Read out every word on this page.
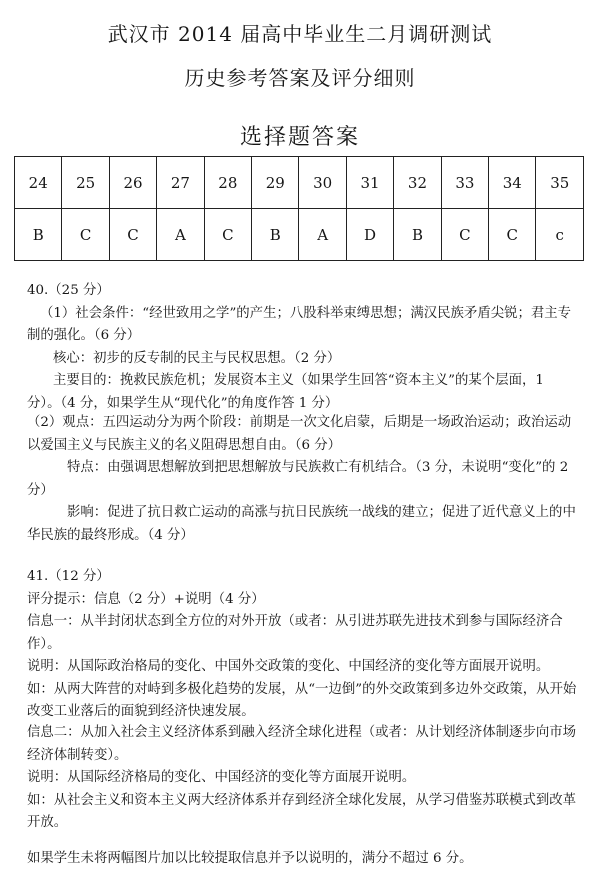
武汉市 2014 届高中毕业生二月调研测试
历史参考答案及评分细则
选择题答案
24	25	26	27	28	29	30	31	32	33	34	35
B	C	C	A	C	B	A	D	B	C	C	c

40.（25 分）

（1）社会条件：“经世致用之学”的产生；八股科举束缚思想；满汉民族矛盾尖锐；君主专制的强化。（6 分）

核心：初步的反专制的民主与民权思想。（2 分）

主要目的：挽救民族危机；发展资本主义（如果学生回答“资本主义”的某个层面，1 分）。（4 分，如果学生从“现代化”的角度作答 1 分）

（2）观点：五四运动分为两个阶段：前期是一次文化启蒙，后期是一场政治运动；政治运动以爱国主义与民族主义的名义阻碍思想自由。（6 分）

特点：由强调思想解放到把思想解放与民族救亡有机结合。（3 分，未说明“变化”的 2 分）

影响：促进了抗日救亡运动的高涨与抗日民族统一战线的建立；促进了近代意义上的中华民族的最终形成。（4 分）

41.（12 分）

评分提示：信息（2 分）+说明（4 分）

信息一：从半封闭状态到全方位的对外开放（或者：从引进苏联先进技术到参与国际经济合作）。

说明：从国际政治格局的变化、中国外交政策的变化、中国经济的变化等方面展开说明。

如：从两大阵营的对峙到多极化趋势的发展，从“一边倒”的外交政策到多边外交政策，从开始改变工业落后的面貌到经济快速发展。

信息二：从加入社会主义经济体系到融入经济全球化进程（或者：从计划经济体制逐步向市场经济体制转变）。

说明：从国际经济格局的变化、中国经济的变化等方面展开说明。

如：从社会主义和资本主义两大经济体系并存到经济全球化发展，从学习借鉴苏联模式到改革开放。

如果学生未将两幅图片加以比较提取信息并予以说明的，满分不超过 6 分。
